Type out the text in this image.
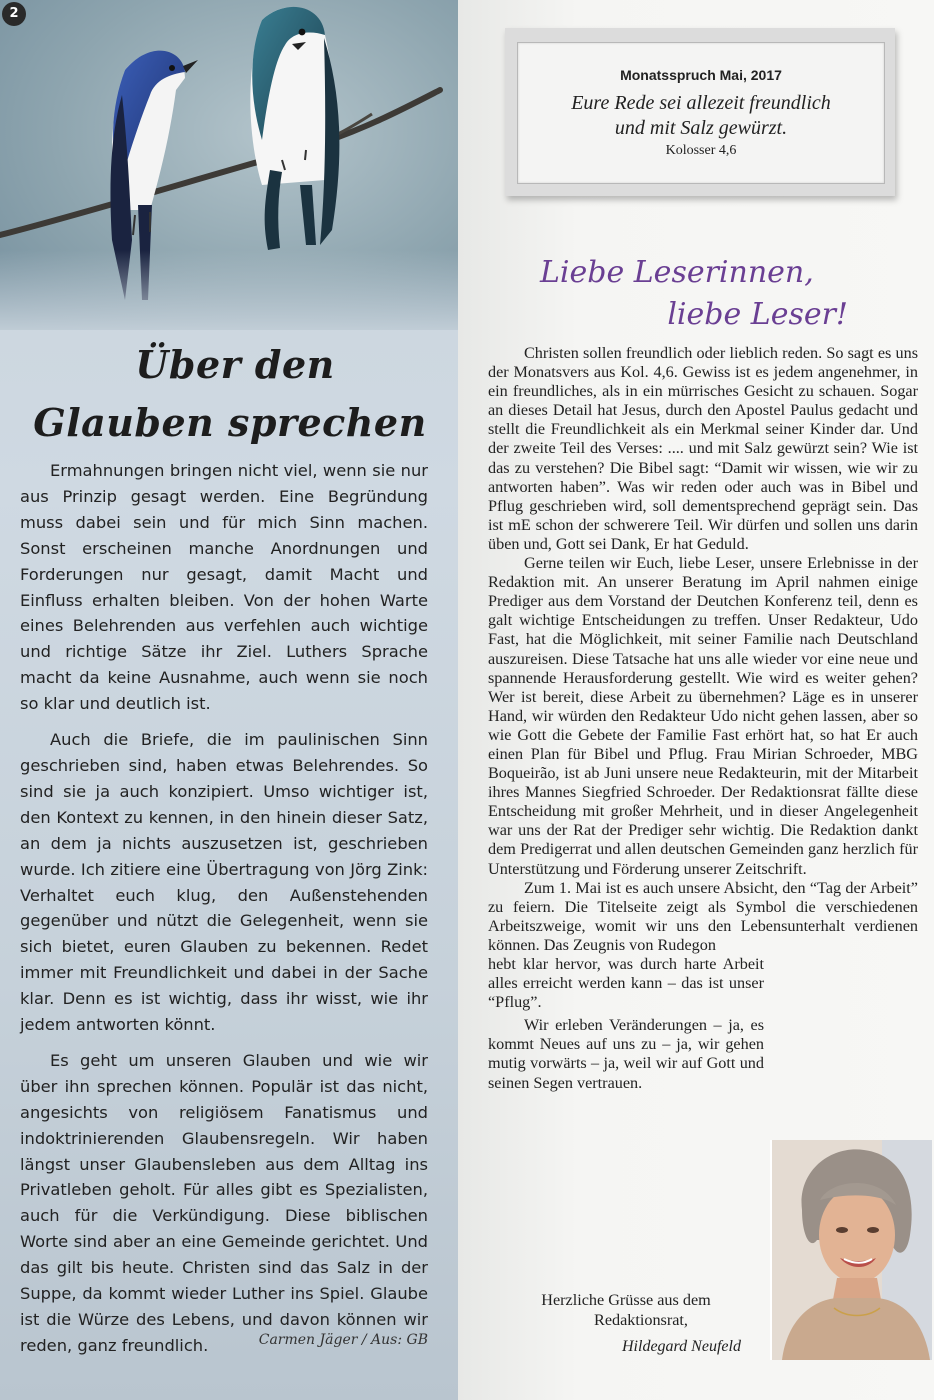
2
Über den
Glauben sprechen

Ermahnungen bringen nicht viel, wenn sie nur aus Prinzip gesagt werden. Eine Begründung muss dabei sein und für mich Sinn machen. Sonst erscheinen manche Anordnungen und Forderungen nur gesagt, damit Macht und Einfluss erhalten bleiben. Von der hohen Warte eines Belehrenden aus verfehlen auch wichtige und richtige Sätze ihr Ziel. Luthers Sprache macht da keine Ausnahme, auch wenn sie noch so klar und deutlich ist.

Auch die Briefe, die im paulinischen Sinn geschrieben sind, haben etwas Belehrendes. So sind sie ja auch konzipiert. Umso wichtiger ist, den Kontext zu kennen, in den hinein dieser Satz, an dem ja nichts auszusetzen ist, geschrieben wurde. Ich zitiere eine Übertragung von Jörg Zink: Verhaltet euch klug, den Außenstehenden gegenüber und nützt die Gelegenheit, wenn sie sich bietet, euren Glauben zu bekennen. Redet immer mit Freundlichkeit und dabei in der Sache klar. Denn es ist wichtig, dass ihr wisst, wie ihr jedem antworten könnt.

Es geht um unseren Glauben und wie wir über ihn sprechen können. Populär ist das nicht, angesichts von religiösem Fanatismus und indoktrinierenden Glaubensregeln. Wir haben längst unser Glaubensleben aus dem Alltag ins Privatleben geholt. Für alles gibt es Spezialisten, auch für die Verkündigung. Diese biblischen Worte sind aber an eine Gemeinde gerichtet. Und das gilt bis heute. Christen sind das Salz in der Suppe, da kommt wieder Luther ins Spiel. Glaube ist die Würze des Lebens, und davon können wir reden, ganz freundlich.	Carmen Jäger / Aus: GB
Monatsspruch Mai, 2017
Eure Rede sei allezeit freundlich
und mit Salz gewürzt.
Kolosser 4,6
Liebe Leserinnen,
liebe Leser!

Christen sollen freundlich oder lieblich reden. So sagt es uns der Monatsvers aus Kol. 4,6. Gewiss ist es jedem angenehmer, in ein freundliches, als in ein mürrisches Gesicht zu schauen. Sogar an dieses Detail hat Jesus, durch den Apostel Paulus gedacht und stellt die Freundlichkeit als ein Merkmal seiner Kinder dar. Und der zweite Teil des Verses: .... und mit Salz gewürzt sein? Wie ist das zu verstehen? Die Bibel sagt: “Damit wir wissen, wie wir zu antworten haben”. Was wir reden oder auch was in Bibel und Pflug geschrieben wird, soll dementsprechend geprägt sein. Das ist mE schon der schwerere Teil. Wir dürfen und sollen uns darin üben und, Gott sei Dank, Er hat Geduld.

Gerne teilen wir Euch, liebe Leser, unsere Erlebnisse in der Redaktion mit. An unserer Beratung im April nahmen einige Prediger aus dem Vorstand der Deutchen Konferenz teil, denn es galt wichtige Entscheidungen zu treffen. Unser Redakteur, Udo Fast, hat die Möglichkeit, mit seiner Familie nach Deutschland auszureisen. Diese Tatsache hat uns alle wieder vor eine neue und spannende Herausforderung gestellt. Wie wird es weiter gehen? Wer ist bereit, diese Arbeit zu übernehmen? Läge es in unserer Hand, wir würden den Redakteur Udo nicht gehen lassen, aber so wie Gott die Gebete der Familie Fast erhört hat, so hat Er auch einen Plan für Bibel und Pflug. Frau Mirian Schroeder, MBG Boqueirão, ist ab Juni unsere neue Redakteurin, mit der Mitarbeit ihres Mannes Siegfried Schroeder. Der Redaktionsrat fällte diese Entscheidung mit großer Mehrheit, und in dieser Angelegenheit war uns der Rat der Prediger sehr wichtig. Die Redaktion dankt dem Predigerrat und allen deutschen Gemeinden ganz herzlich für Unterstützung und Förderung unserer Zeitschrift.

Zum 1. Mai ist es auch unsere Absicht, den “Tag der Arbeit” zu feiern. Die Titelseite zeigt als Symbol die verschiedenen Arbeitszweige, womit wir uns den Lebensunterhalt verdienen können. Das Zeugnis von Rudegon

hebt klar hervor, was durch harte Arbeit alles erreicht werden kann – das ist unser “Pflug”.

Wir erleben Veränderungen – ja, es kommt Neues auf uns zu – ja, wir gehen mutig vorwärts – ja, weil wir auf Gott und seinen Segen vertrauen.

Herzliche Grüsse aus dem
Redaktionsrat,
Hildegard Neufeld
